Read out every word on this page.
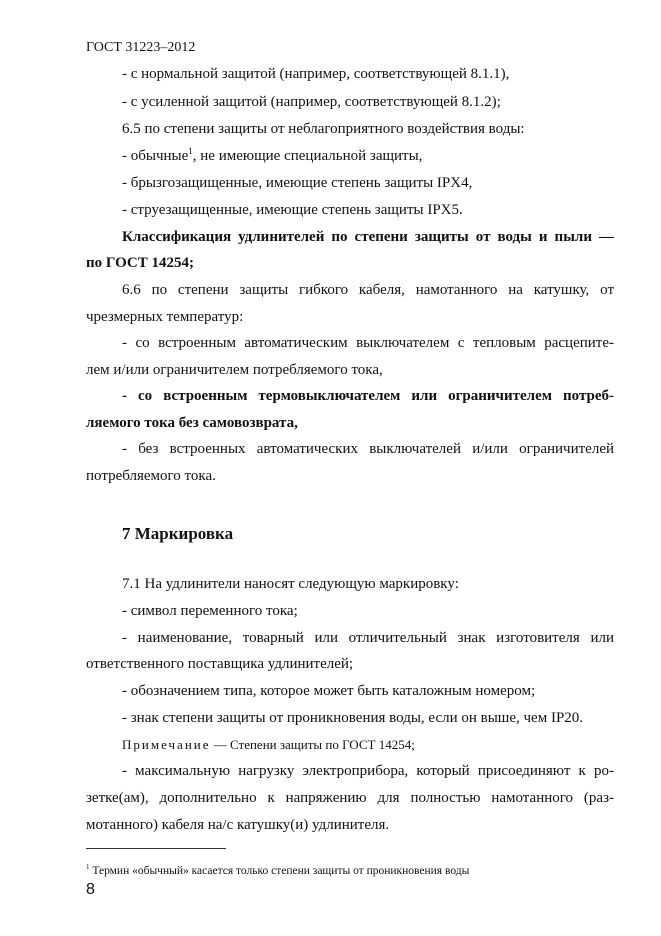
ГОСТ 31223–2012
- с нормальной защитой (например, соответствующей 8.1.1),
- с усиленной защитой (например, соответствующей 8.1.2);
6.5 по степени защиты от неблагоприятного воздействия воды:
- обычные$^1$, не имеющие специальной защиты,
- брызгозащищенные, имеющие степень защиты IPX4,
- струезащищенные, имеющие степень защиты IPX5.
Классификация удлинителей по степени защиты от воды и пыли —
по ГОСТ 14254;
6.6 по степени защиты гибкого кабеля, намотанного на катушку, от
чрезмерных температур:
- со встроенным автоматическим выключателем с тепловым расцепите-
лем и/или ограничителем потребляемого тока,
- со встроенным термовыключателем или ограничителем потреб-
ляемого тока без самовозврата,
- без встроенных автоматических выключателей и/или ограничителей
потребляемого тока.
7 Маркировка
7.1 На удлинители наносят следующую маркировку:
- символ переменного тока;
- наименование, товарный или отличительный знак изготовителя или
ответственного поставщика удлинителей;
- обозначением типа, которое может быть каталожным номером;
- знак степени защиты от проникновения воды, если он выше, чем IP20.
Примечание — Степени защиты по ГОСТ 14254;
- максимальную нагрузку электроприбора, который присоединяют к ро-
зетке(ам), дополнительно к напряжению для полностью намотанного (раз-
мотанного) кабеля на/с катушку(и) удлинителя.
$^1$ Термин «обычный» касается только степени защиты от проникновения воды
8
